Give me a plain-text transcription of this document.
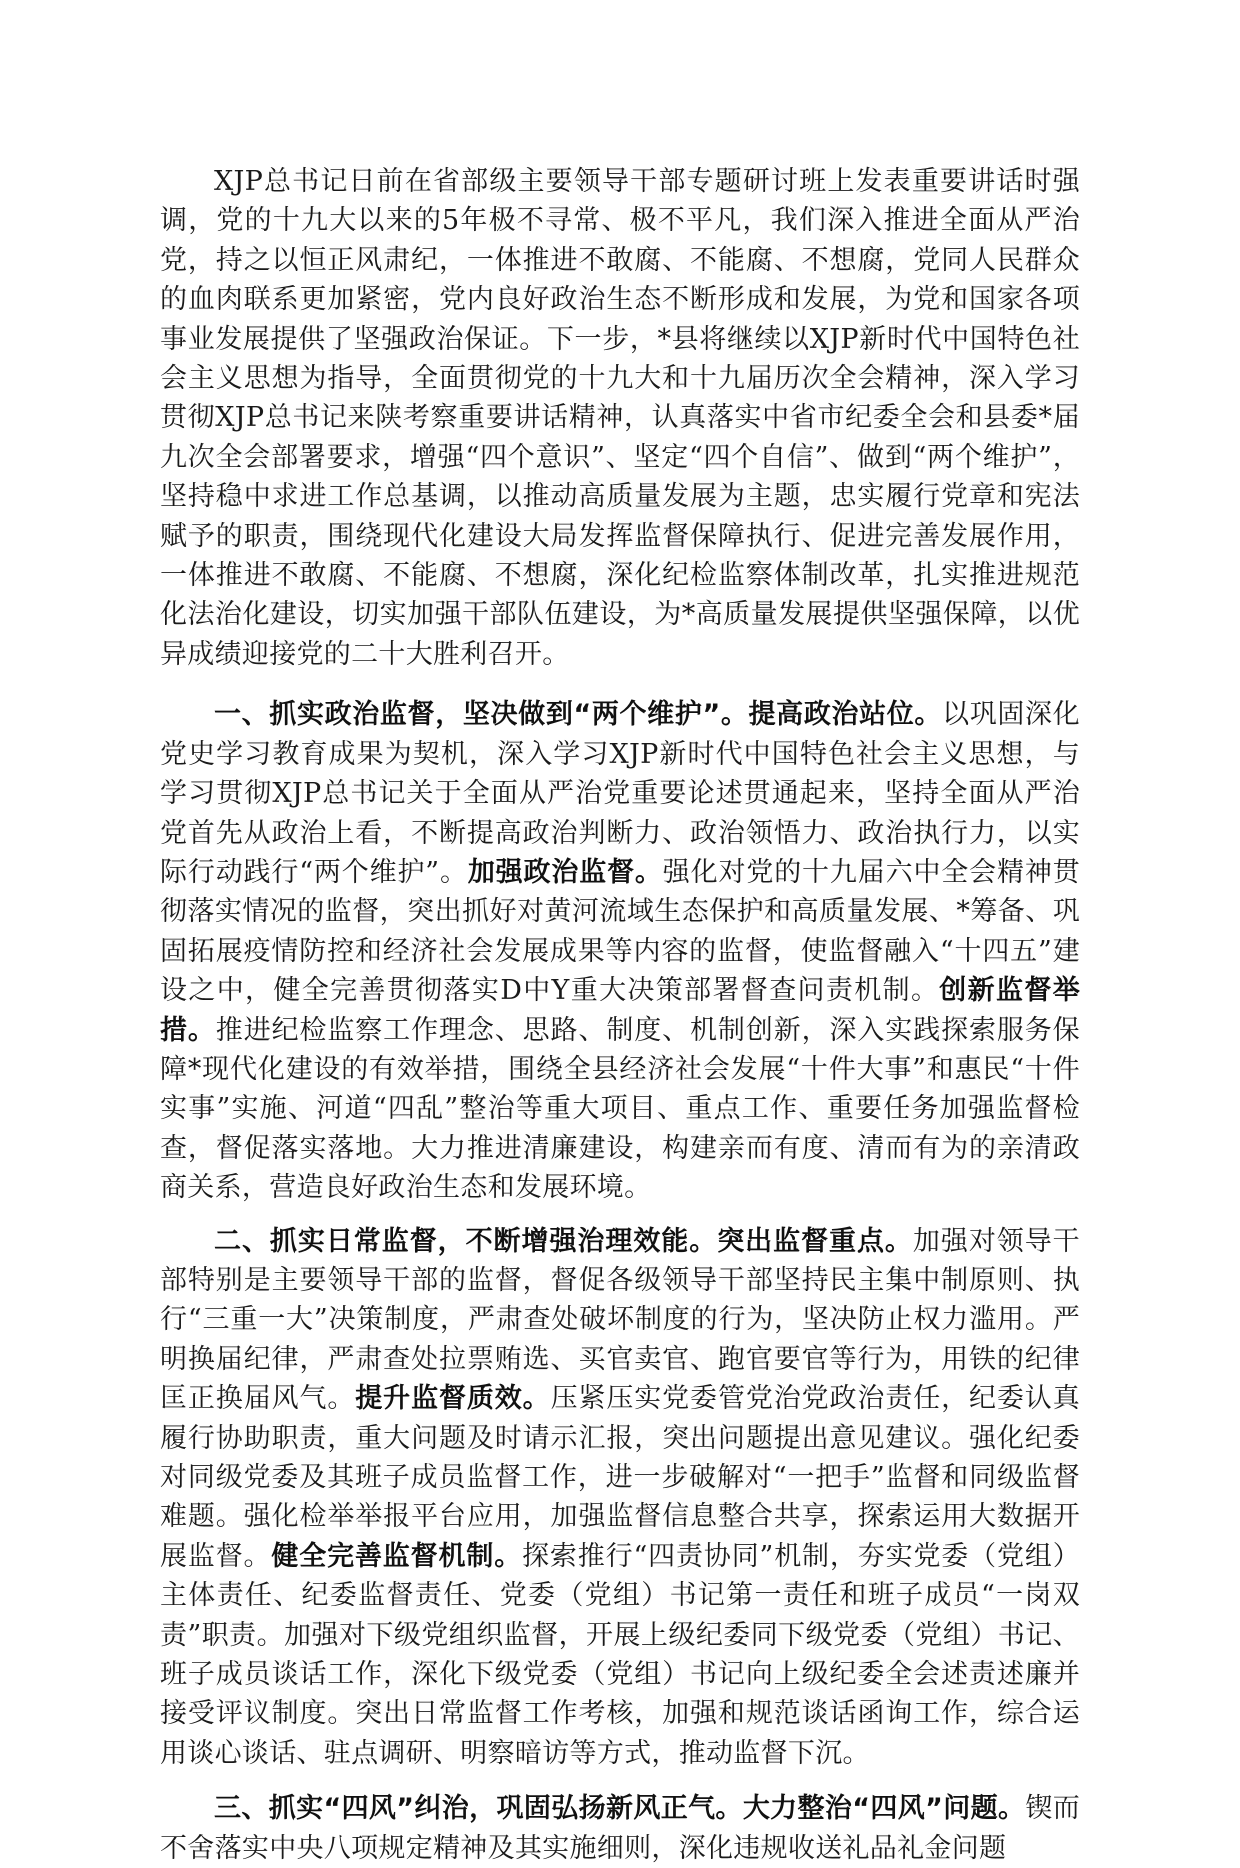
XJP总书记日前在省部级主要领导干部专题研讨班上发表重要讲话时强调，党的十九大以来的5年极不寻常、极不平凡，我们深入推进全面从严治党，持之以恒正风肃纪，一体推进不敢腐、不能腐、不想腐，党同人民群众的血肉联系更加紧密，党内良好政治生态不断形成和发展，为党和国家各项事业发展提供了坚强政治保证。下一步，*县将继续以XJP新时代中国特色社会主义思想为指导，全面贯彻党的十九大和十九届历次全会精神，深入学习贯彻XJP总书记来陕考察重要讲话精神，认真落实中省市纪委全会和县委*届九次全会部署要求，增强“四个意识”、坚定“四个自信”、做到“两个维护”，坚持稳中求进工作总基调，以推动高质量发展为主题，忠实履行党章和宪法赋予的职责，围绕现代化建设大局发挥监督保障执行、促进完善发展作用，一体推进不敢腐、不能腐、不想腐，深化纪检监察体制改革，扎实推进规范化法治化建设，切实加强干部队伍建设，为*高质量发展提供坚强保障，以优异成绩迎接党的二十大胜利召开。

一、抓实政治监督，坚决做到“两个维护”。提高政治站位。以巩固深化党史学习教育成果为契机，深入学习XJP新时代中国特色社会主义思想，与学习贯彻XJP总书记关于全面从严治党重要论述贯通起来，坚持全面从严治党首先从政治上看，不断提高政治判断力、政治领悟力、政治执行力，以实际行动践行“两个维护”。加强政治监督。强化对党的十九届六中全会精神贯彻落实情况的监督，突出抓好对黄河流域生态保护和高质量发展、*筹备、巩固拓展疫情防控和经济社会发展成果等内容的监督，使监督融入“十四五”建设之中，健全完善贯彻落实D中Y重大决策部署督查问责机制。创新监督举措。推进纪检监察工作理念、思路、制度、机制创新，深入实践探索服务保障*现代化建设的有效举措，围绕全县经济社会发展“十件大事”和惠民“十件实事”实施、河道“四乱”整治等重大项目、重点工作、重要任务加强监督检查，督促落实落地。大力推进清廉建设，构建亲而有度、清而有为的亲清政商关系，营造良好政治生态和发展环境。

二、抓实日常监督，不断增强治理效能。突出监督重点。加强对领导干部特别是主要领导干部的监督，督促各级领导干部坚持民主集中制原则、执行“三重一大”决策制度，严肃查处破坏制度的行为，坚决防止权力滥用。严明换届纪律，严肃查处拉票贿选、买官卖官、跑官要官等行为，用铁的纪律匡正换届风气。提升监督质效。压紧压实党委管党治党政治责任，纪委认真履行协助职责，重大问题及时请示汇报，突出问题提出意见建议。强化纪委对同级党委及其班子成员监督工作，进一步破解对“一把手”监督和同级监督难题。强化检举举报平台应用，加强监督信息整合共享，探索运用大数据开展监督。健全完善监督机制。探索推行“四责协同”机制，夯实党委（党组）主体责任、纪委监督责任、党委（党组）书记第一责任和班子成员“一岗双责”职责。加强对下级党组织监督，开展上级纪委同下级党委（党组）书记、班子成员谈话工作，深化下级党委（党组）书记向上级纪委全会述责述廉并接受评议制度。突出日常监督工作考核，加强和规范谈话函询工作，综合运用谈心谈话、驻点调研、明察暗访等方式，推动监督下沉。

三、抓实“四风”纠治，巩固弘扬新风正气。大力整治“四风”问题。锲而不舍落实中央八项规定精神及其实施细则，深化违规收送礼品礼金问题
